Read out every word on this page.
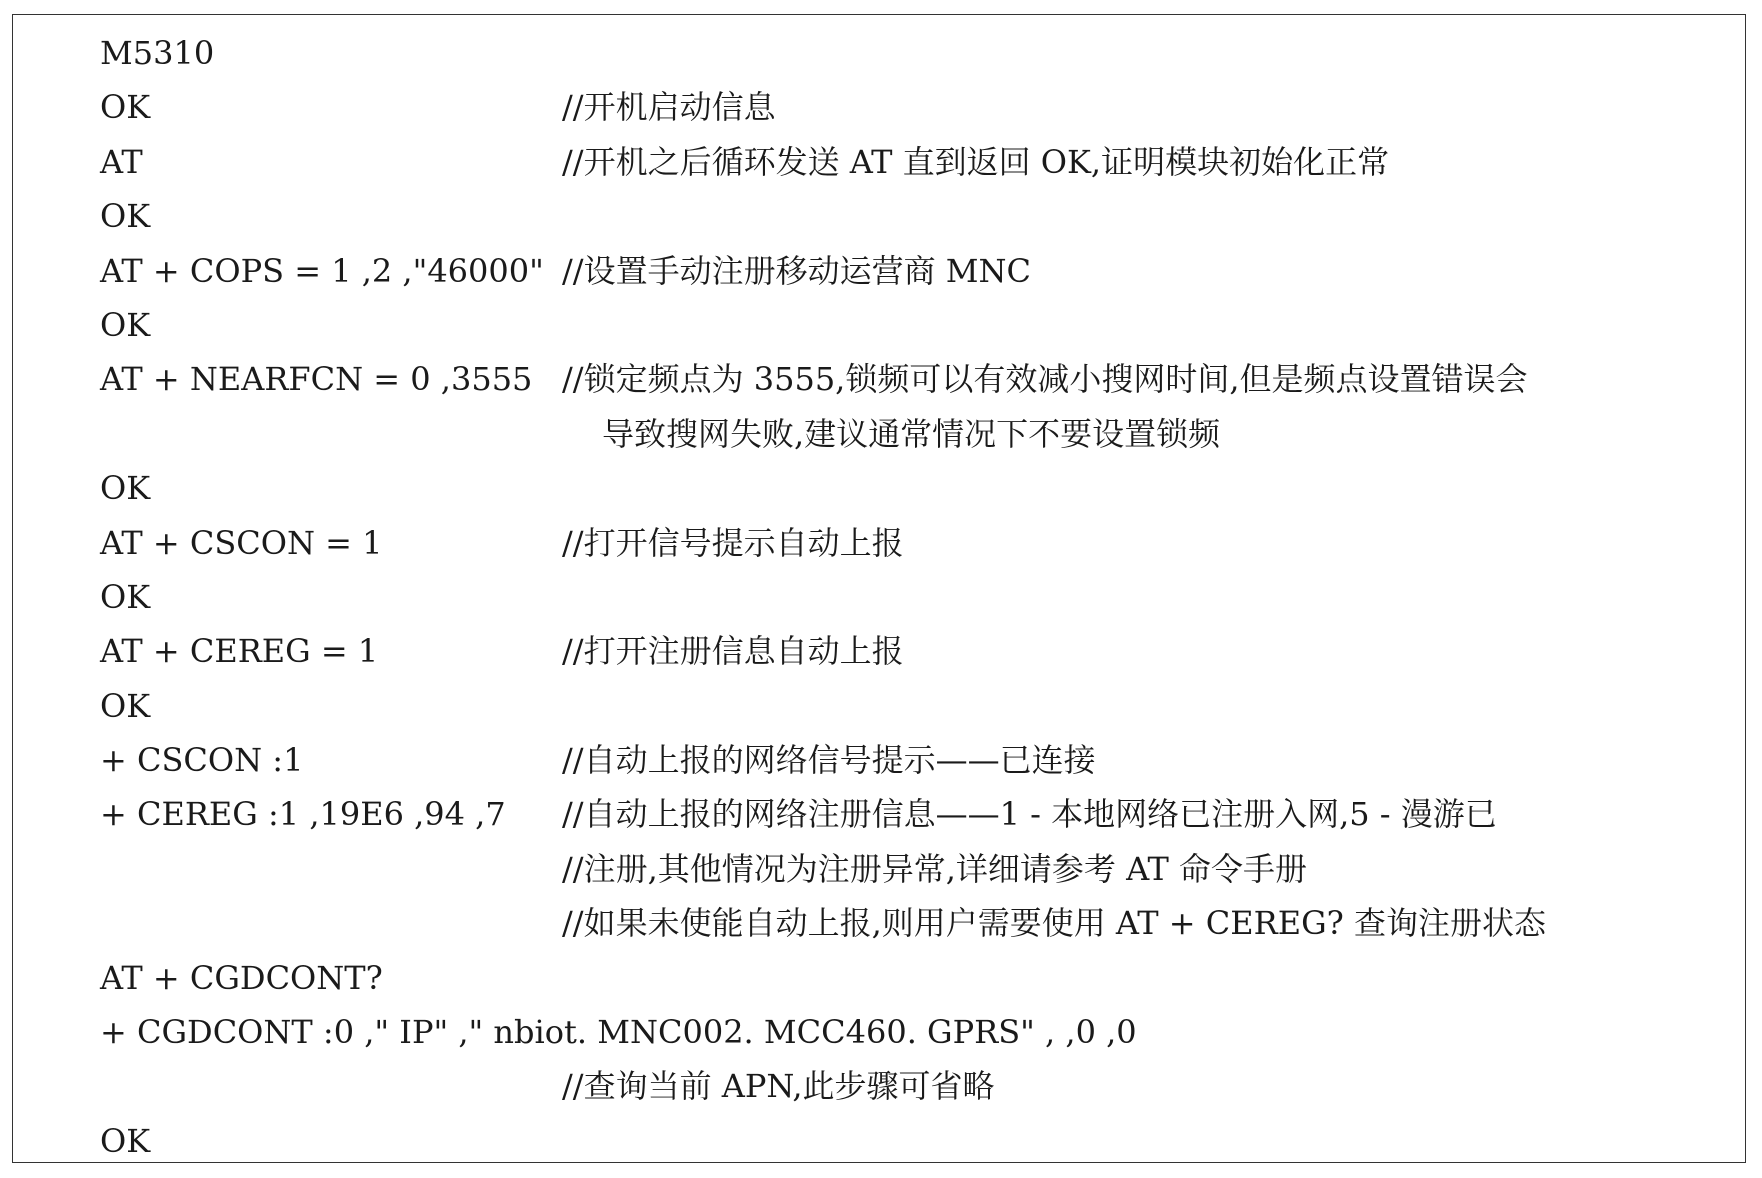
M5310
OK	//开机启动信息
AT	//开机之后循环发送 AT 直到返回 OK,证明模块初始化正常
OK
AT + COPS = 1 ,2 ,"46000" //设置手动注册移动运营商 MNC
OK
AT + NEARFCN = 0 ,3555 //锁定频点为 3555,锁频可以有效减小搜网时间,但是频点设置错误会
导致搜网失败,建议通常情况下不要设置锁频
OK
AT + CSCON = 1	//打开信号提示自动上报
OK
AT + CEREG = 1	//打开注册信息自动上报
OK
+ CSCON :1	//自动上报的网络信号提示——已连接
+ CEREG :1 ,19E6 ,94 ,7 //自动上报的网络注册信息——1 - 本地网络已注册入网,5 - 漫游已
//注册,其他情况为注册异常,详细请参考 AT 命令手册
//如果未使能自动上报,则用户需要使用 AT + CEREG? 查询注册状态
AT + CGDCONT?
+ CGDCONT :0 ," IP" ," nbiot. MNC002. MCC460. GPRS" , ,0 ,0
//查询当前 APN,此步骤可省略
OK
